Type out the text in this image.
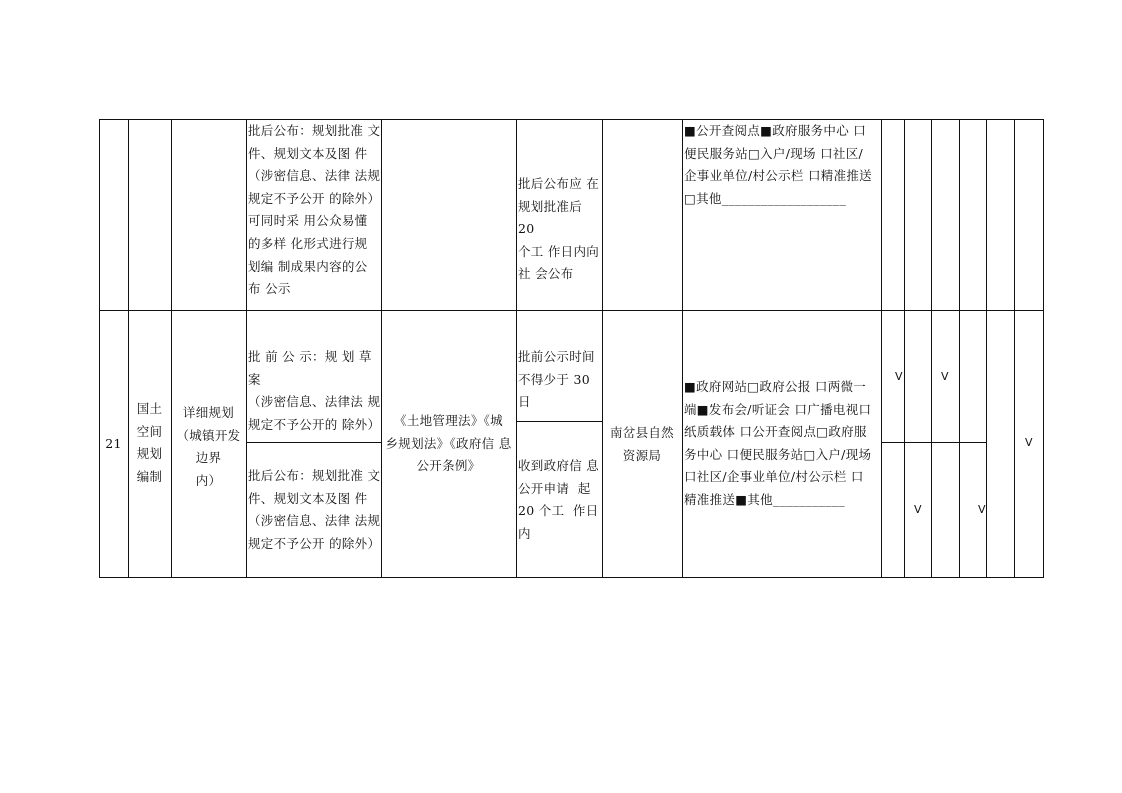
批后公布：规划批准 文
件、规划文本及图 件
（涉密信息、法律 法规
规定不予公开 的除外）
可同时采 用公众易懂
的多样 化形式进行规
划编 制成果内容的公
布 公示
批后公布应 在
规划批准后 20
个工 作日内向
社 会公布
■公开查阅点■政府服务中心 口
便民服务站□入户/现场 口社区/
企事业单位/村公示栏 口精准推送
□其他___________________
21
国土
空间
规划
编制
详细规划
（城镇开发
边界
内）
批 前 公 示：规 划 草 案
（涉密信息、法律法 规
规定不予公开的 除外）
批后公布：规划批准 文
件、规划文本及图 件
（涉密信息、法律 法规
规定不予公开 的除外）
《土地管理法》《城
乡规划法》《政府信 息
公开条例》
批前公示时间
不得少于 30 日
收到政府信 息
公开申请  起
20 个工  作日
内
南岔县自然
资源局
■政府网站□政府公报 口两微一
端■发布会/听证会 口广播电视口
纸质载体 口公开查阅点□政府服
务中心 口便民服务站□入户/现场
口社区/企事业单位/村公示栏 口
精准推送■其他___________
V	V
V	V
V
